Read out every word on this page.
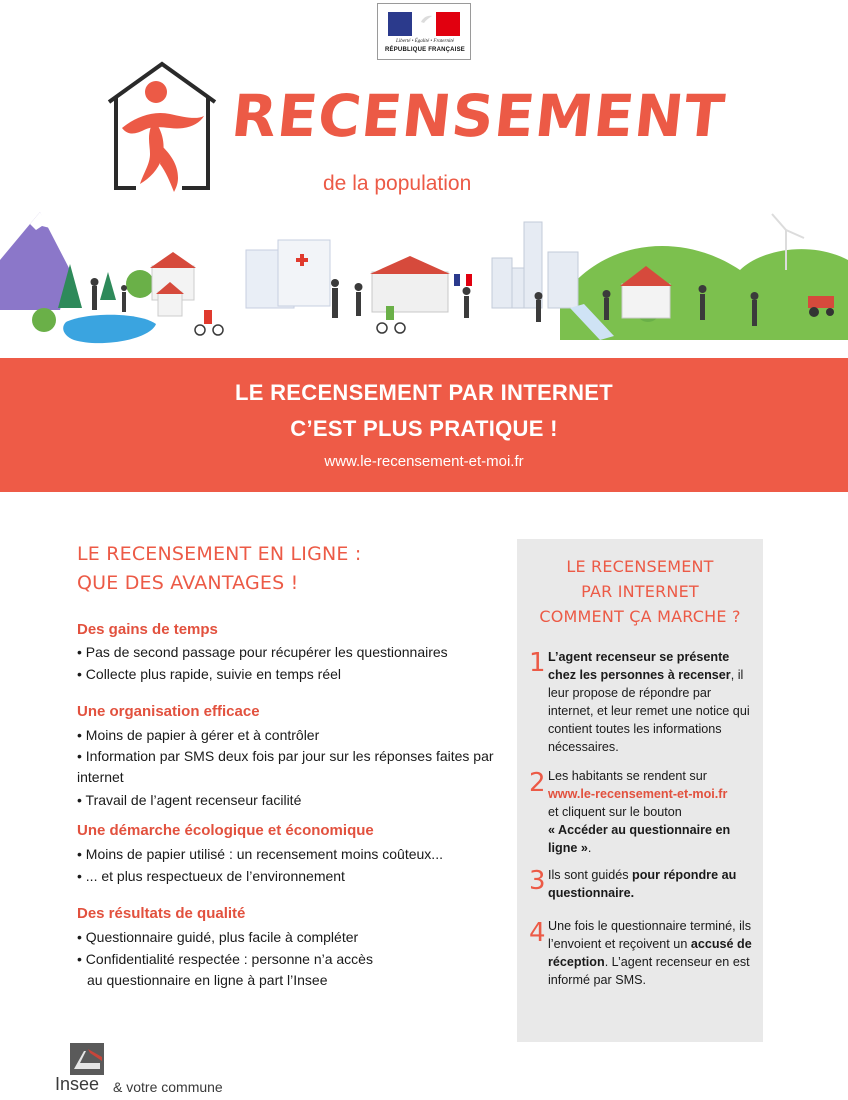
Liberté • Égalité • Fraternité
RÉPUBLIQUE FRANÇAISE
RECENSEMENT
de la population
LE RECENSEMENT PAR INTERNET
C’EST PLUS PRATIQUE !
www.le-recensement-et-moi.fr
LE RECENSEMENT EN LIGNE :
QUE DES AVANTAGES !
Des gains de temps
• Pas de second passage pour récupérer les questionnaires
• Collecte plus rapide, suivie en temps réel
Une organisation efficace
• Moins de papier à gérer et à contrôler
• Information par SMS deux fois par jour sur les réponses faites par internet
• Travail de l’agent recenseur facilité
Une démarche écologique et économique
• Moins de papier utilisé : un recensement moins coûteux...
• ... et plus respectueux de l’environnement
Des résultats de qualité
• Questionnaire guidé, plus facile à compléter
• Confidentialité respectée : personne n’a accès
au questionnaire en ligne à part l’Insee
LE RECENSEMENT
PAR INTERNET
COMMENT ÇA MARCHE ?
1 L’agent recenseur se présente chez les personnes à recenser, il leur propose de répondre par internet, et leur remet une notice qui contient toutes les informations nécessaires.
2 Les habitants se rendent sur
www.le-recensement-et-moi.fr
et cliquent sur le bouton
« Accéder au questionnaire en ligne ».
3 Ils sont guidés pour répondre au questionnaire.
4 Une fois le questionnaire terminé, ils l’envoient et reçoivent un accusé de réception. L’agent recenseur en est informé par SMS.
Insee & votre commune
